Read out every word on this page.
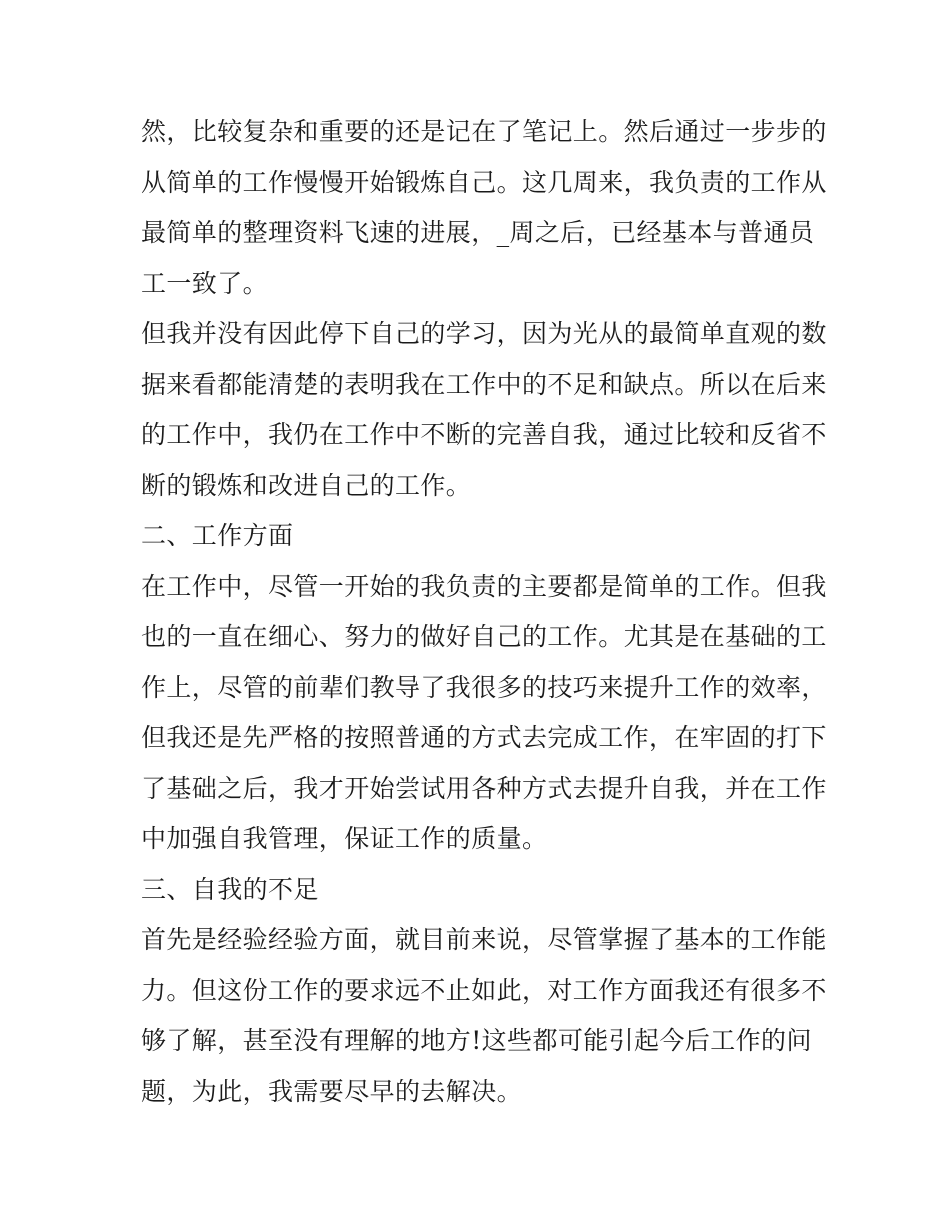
然，比较复杂和重要的还是记在了笔记上。然后通过一步步的
从简单的工作慢慢开始锻炼自己。这几周来，我负责的工作从
最简单的整理资料飞速的进展，_周之后，已经基本与普通员
工一致了。
但我并没有因此停下自己的学习，因为光从的最简单直观的数
据来看都能清楚的表明我在工作中的不足和缺点。所以在后来
的工作中，我仍在工作中不断的完善自我，通过比较和反省不
断的锻炼和改进自己的工作。
二、工作方面
在工作中，尽管一开始的我负责的主要都是简单的工作。但我
也的一直在细心、努力的做好自己的工作。尤其是在基础的工
作上，尽管的前辈们教导了我很多的技巧来提升工作的效率，
但我还是先严格的按照普通的方式去完成工作，在牢固的打下
了基础之后，我才开始尝试用各种方式去提升自我，并在工作
中加强自我管理，保证工作的质量。
三、自我的不足
首先是经验经验方面，就目前来说，尽管掌握了基本的工作能
力。但这份工作的要求远不止如此，对工作方面我还有很多不
够了解，甚至没有理解的地方!这些都可能引起今后工作的问
题，为此，我需要尽早的去解决。
